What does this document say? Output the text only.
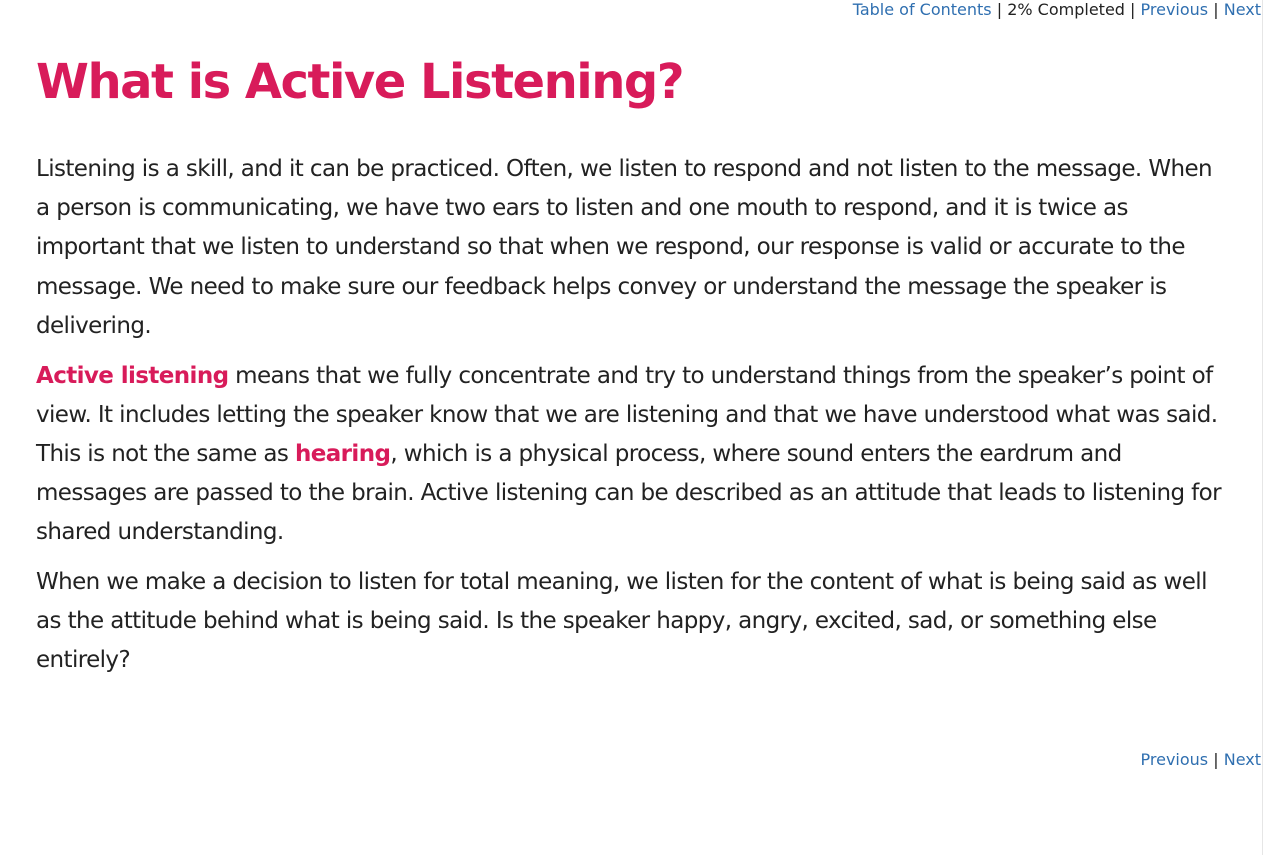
Table of Contents | 2% Completed | Previous | Next
What is Active Listening?

Listening is a skill, and it can be practiced. Often, we listen to respond and not listen to the message. When a person is communicating, we have two ears to listen and one mouth to respond, and it is twice as important that we listen to understand so that when we respond, our response is valid or accurate to the message. We need to make sure our feedback helps convey or understand the message the speaker is delivering.

Active listening means that we fully concentrate and try to understand things from the speaker’s point of view. It includes letting the speaker know that we are listening and that we have understood what was said. This is not the same as hearing, which is a physical process, where sound enters the eardrum and messages are passed to the brain. Active listening can be described as an attitude that leads to listening for shared understanding.

When we make a decision to listen for total meaning, we listen for the content of what is being said as well as the attitude behind what is being said. Is the speaker happy, angry, excited, sad, or something else entirely?

Previous | Next
